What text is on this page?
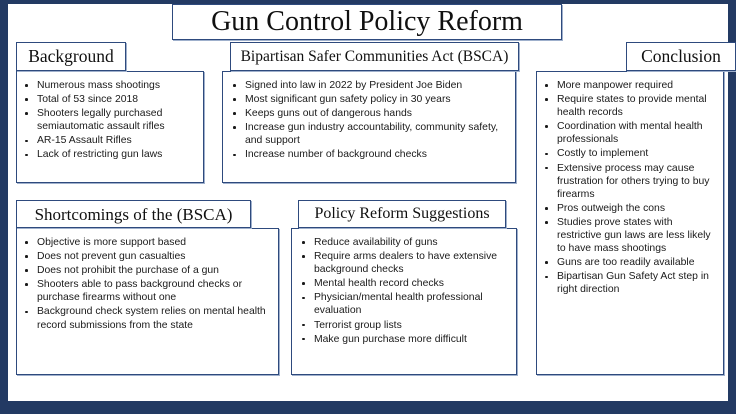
Gun Control Policy Reform
Background
Numerous mass shootings
Total of 53 since 2018
Shooters legally purchased semiautomatic assault rifles
AR-15 Assault Rifles
Lack of restricting gun laws
Bipartisan Safer Communities Act (BSCA)
Signed into law in 2022 by President Joe Biden
Most significant gun safety policy in 30 years
Keeps guns out of dangerous hands
Increase gun industry accountability, community safety, and support
Increase number of background checks
Conclusion
More manpower required
Require states to provide mental health records
Coordination with mental health professionals
Costly to implement
Extensive process may cause frustration for others trying to buy firearms
Pros outweigh the cons
Studies prove states with restrictive gun laws are less likely to have mass shootings
Guns are too readily available
Bipartisan Gun Safety Act step in right direction
Shortcomings of the (BSCA)
Objective is more support based
Does not prevent gun casualties
Does not prohibit the purchase of a gun
Shooters able to pass background checks or purchase firearms without one
Background check system relies on mental health record submissions from the state
Policy Reform Suggestions
Reduce availability of guns
Require arms dealers to have extensive background checks
Mental health record checks
Physician/mental health professional evaluation
Terrorist group lists
Make gun purchase more difficult
